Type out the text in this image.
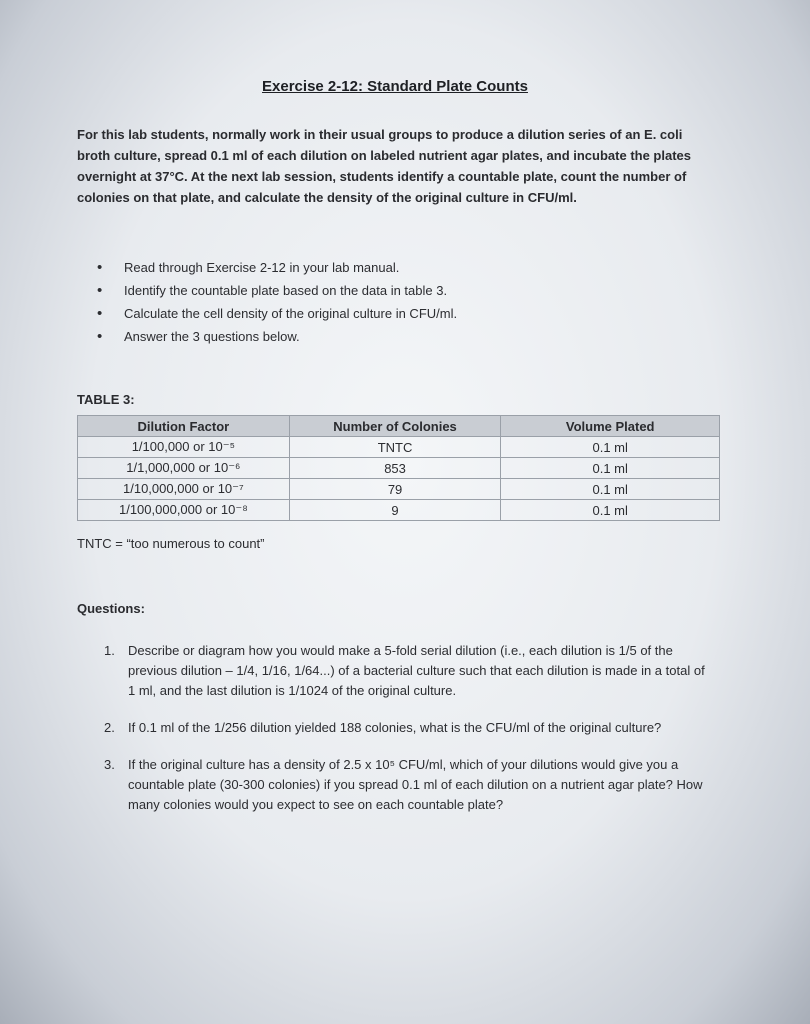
Exercise 2-12: Standard Plate Counts
For this lab students, normally work in their usual groups to produce a dilution series of an E. coli broth culture, spread 0.1 ml of each dilution on labeled nutrient agar plates, and incubate the plates overnight at 37°C. At the next lab session, students identify a countable plate, count the number of colonies on that plate, and calculate the density of the original culture in CFU/ml.
• Read through Exercise 2-12 in your lab manual.
• Identify the countable plate based on the data in table 3.
• Calculate the cell density of the original culture in CFU/ml.
• Answer the 3 questions below.
TABLE 3:
Dilution Factor	Number of Colonies	Volume Plated
1/100,000 or 10⁻⁵	TNTC	0.1 ml
1/1,000,000 or 10⁻⁶	853	0.1 ml
1/10,000,000 or 10⁻⁷	79	0.1 ml
1/100,000,000 or 10⁻⁸	9	0.1 ml
TNTC = “too numerous to count”
Questions:
1. Describe or diagram how you would make a 5-fold serial dilution (i.e., each dilution is 1/5 of the previous dilution – 1/4, 1/16, 1/64...) of a bacterial culture such that each dilution is made in a total of 1 ml, and the last dilution is 1/1024 of the original culture.
2. If 0.1 ml of the 1/256 dilution yielded 188 colonies, what is the CFU/ml of the original culture?
3. If the original culture has a density of 2.5 x 10⁵ CFU/ml, which of your dilutions would give you a countable plate (30-300 colonies) if you spread 0.1 ml of each dilution on a nutrient agar plate? How many colonies would you expect to see on each countable plate?
